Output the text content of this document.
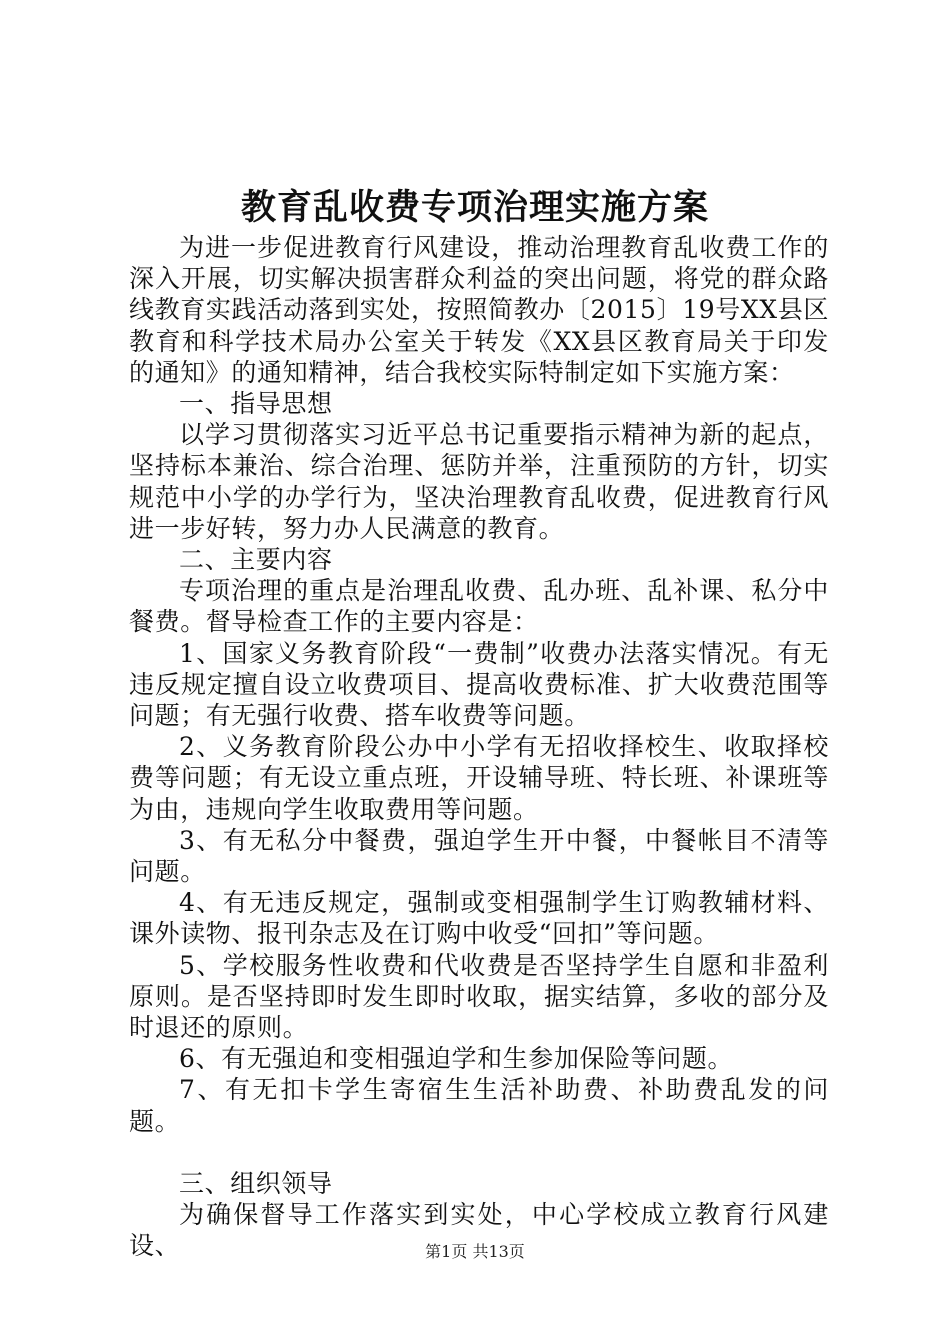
教育乱收费专项治理实施方案

为进一步促进教育行风建设，推动治理教育乱收费工作的深入开展，切实解决损害群众利益的突出问题，将党的群众路线教育实践活动落到实处，按照简教办〔2015〕19号XX县区教育和科学技术局办公室关于转发《XX县区教育局关于印发的通知》的通知精神，结合我校实际特制定如下实施方案：

一、指导思想

以学习贯彻落实习近平总书记重要指示精神为新的起点，坚持标本兼治、综合治理、惩防并举，注重预防的方针，切实规范中小学的办学行为，坚决治理教育乱收费，促进教育行风进一步好转，努力办人民满意的教育。

二、主要内容

专项治理的重点是治理乱收费、乱办班、乱补课、私分中餐费。督导检查工作的主要内容是：

1、国家义务教育阶段“一费制”收费办法落实情况。有无违反规定擅自设立收费项目、提高收费标准、扩大收费范围等问题；有无强行收费、搭车收费等问题。

2、义务教育阶段公办中小学有无招收择校生、收取择校费等问题；有无设立重点班，开设辅导班、特长班、补课班等为由，违规向学生收取费用等问题。

3、有无私分中餐费，强迫学生开中餐，中餐帐目不清等问题。

4、有无违反规定，强制或变相强制学生订购教辅材料、课外读物、报刊杂志及在订购中收受“回扣”等问题。

5、学校服务性收费和代收费是否坚持学生自愿和非盈利原则。是否坚持即时发生即时收取，据实结算，多收的部分及时退还的原则。

6、有无强迫和变相强迫学和生参加保险等问题。

7、有无扣卡学生寄宿生生活补助费、补助费乱发的问题。

三、组织领导

为确保督导工作落实到实处，中心学校成立教育行风建设、	第1页 共13页
